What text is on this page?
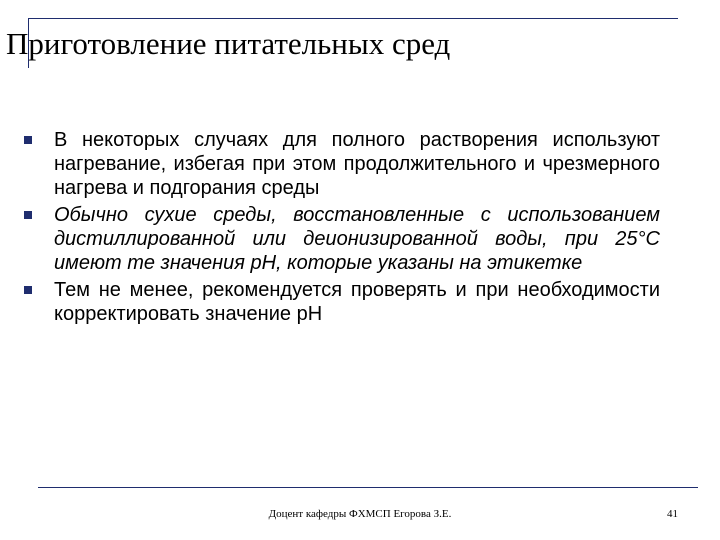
Приготовление питательных сред
В некоторых случаях для полного растворения используют нагревание, избегая при этом продолжительного и чрезмерного нагрева и подгорания среды
Обычно сухие среды, восстановленные с использованием дистиллированной или деионизированной воды, при 25°С имеют те значения рН, которые указаны на этикетке
Тем не менее, рекомендуется проверять и при необходимости корректировать значение рН
Доцент кафедры ФХМСП Егорова З.Е.	41
